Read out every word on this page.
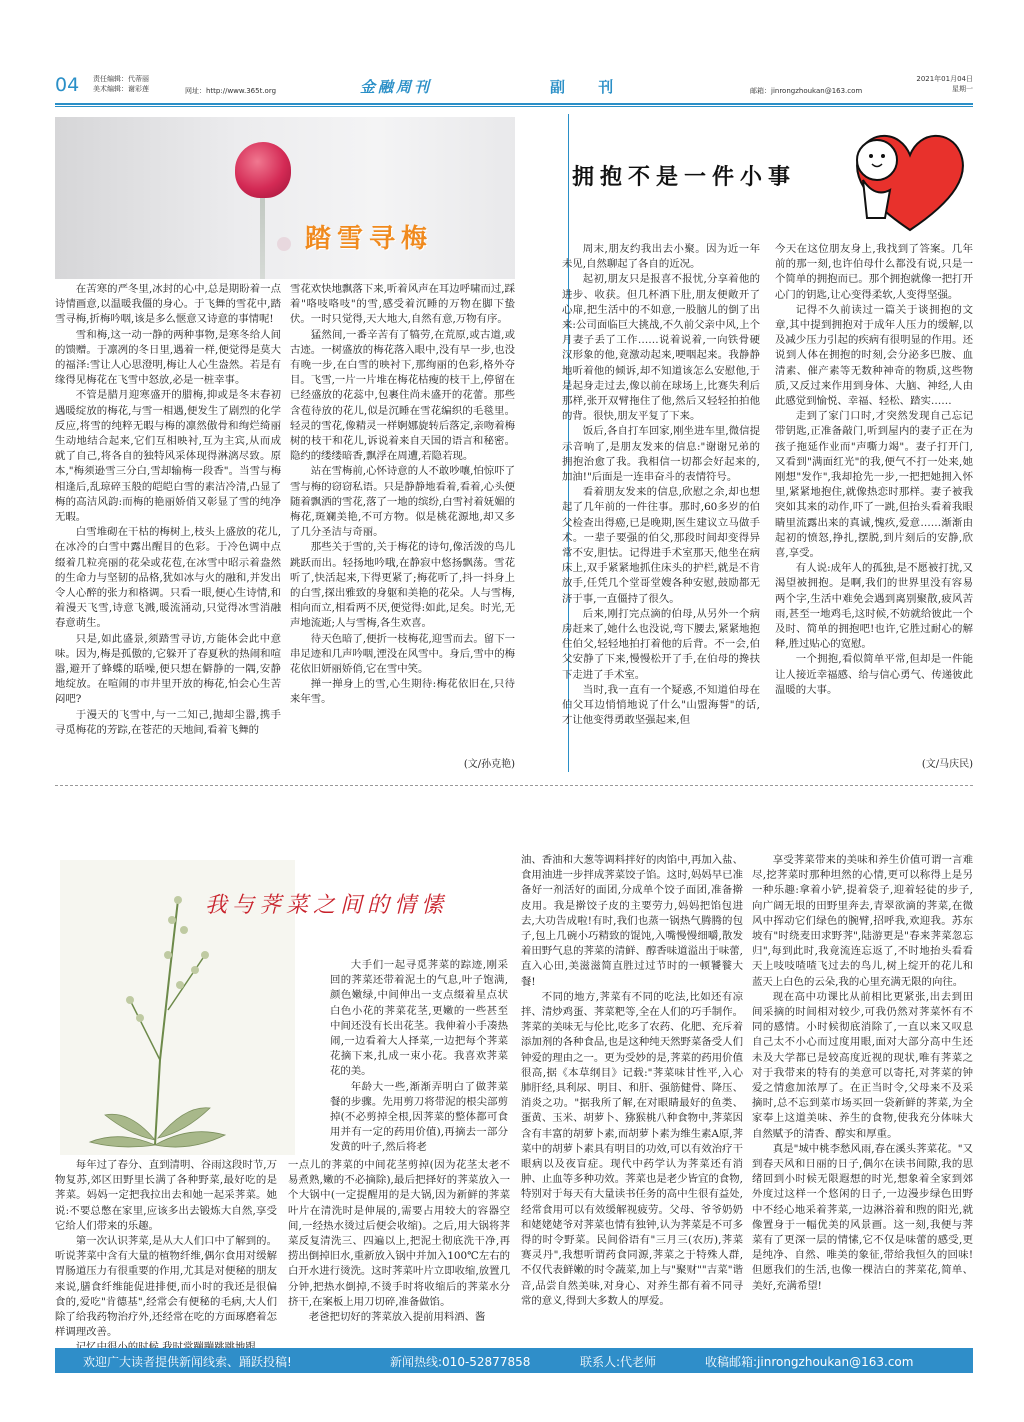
04 责任编辑：代蒂丽
美术编辑：谢彩莲	网址：http://www.365t.org	金融周刊	副 刊	邮箱：jinrongzhoukan@163.com
2021年01月04日
星期一
踏雪寻梅

在苦寒的严冬里,冰封的心中,总是期盼着一点诗情画意,以温暖我僵的身心。于飞舞的雪花中,踏雪寻梅,折梅吟咽,该是多么惬意又诗意的事情呢!

雪和梅,这一动一静的两种事物,是寒冬给人间的馈赠。于凛冽的冬日里,遇着一样,便觉得是莫大的福泽:雪让人心思澄明,梅让人心生盎然。若是有缘得见梅花在飞雪中怒放,必是一桩幸事。

不管是腊月迎寒盛开的腊梅,抑或是冬末春初遇暖绽放的梅花,与雪一相遇,便发生了剧烈的化学反应,将雪的纯粹无暇与梅的凛然傲骨和绚烂绮丽生动地结合起来,它们互相映衬,互为主宾,从而成就了自己,将各自的独特风采体现得淋漓尽致。原本,"梅须逊雪三分白,雪却输梅一段香"。当雪与梅相逢后,乱琼碎玉般的皑皑白雪的素洁冷清,凸显了梅的高洁风韵:而梅的艳丽娇俏又彰显了雪的纯净无暇。

白雪堆砌在干枯的梅树上,枝头上盛放的花儿,在冰冷的白雪中露出醒目的色彩。于冷色调中点缀着几粒亮丽的花朵或花苞,在冰雪中昭示着盎然的生命力与坚韧的品格,犹如冰与火的融和,并发出令人心醉的张力和格调。只看一眼,便心生诗情,和着漫天飞雪,诗意飞溅,暖流涌动,只觉得冰雪消融春意萌生。

只是,如此盛景,须踏雪寻访,方能体会此中意味。因为,梅是孤傲的,它躲开了春夏秋的热闹和喧嚣,避开了蜂蝶的聒噪,便只想在僻静的一隅,安静地绽放。在喧闹的市井里开放的梅花,怕会心生苦闷吧?

于漫天的飞雪中,与一二知己,抛却尘嚣,携手寻觅梅花的芳踪,在苍茫的天地间,看着飞舞的

雪花欢快地飘落下来,听着风声在耳边呼啸而过,踩着"咯吱咯吱"的雪,感受着沉睡的万物在脚下蛰伏。一时只觉得,天大地大,自然有意,万物有序。

猛然间,一番辛苦有了犒劳,在荒原,或古道,或古迹。一树盛放的梅花落入眼中,没有早一步,也没有晚一步,在白雪的映衬下,那绚丽的色彩,格外夺目。飞雪,一片一片堆在梅花枯瘦的枝干上,停留在已经盛放的花蕊中,包裹住尚未盛开的花蕾。那些含苞待放的花儿,似是沉睡在雪花编织的毛毯里。轻灵的雪花,像精灵一样婀娜旋转后落定,亲吻着梅树的枝干和花儿,诉说着来自天国的语言和秘密。隐约的缕缕暗香,飘浮在周遭,若隐若现。

站在雪梅前,心怀诗意的人不敢吵嚷,怕惊吓了雪与梅的窃窃私语。只是静静地看着,看着,心头便随着飘洒的雪花,落了一地的缤纷,白雪衬着妩媚的梅花,斑斓美艳,不可方物。似是桃花源地,却又多了几分圣洁与奇丽。

那些关于雪的,关于梅花的诗句,像活泼的鸟儿跳跃而出。轻扬地吟哦,在静寂中悠扬飘荡。雪花听了,快活起来,下得更紧了;梅花听了,抖一抖身上的白雪,探出雅致的身躯和美艳的花朵。人与雪梅,相向而立,相看两不厌,便觉得:如此,足矣。时光,无声地流逝;人与雪梅,各生欢喜。

待天色暗了,便折一枝梅花,迎雪而去。留下一串足迹和几声吟咽,湮没在风雪中。身后,雪中的梅花依旧妍丽娇俏,它在雪中笑。

掸一掸身上的雪,心生期待:梅花依旧在,只待来年雪。

(文/孙克艳)
拥抱不是一件小事

周末,朋友约我出去小聚。因为近一年未见,自然聊起了各自的近况。

起初,朋友只是报喜不报忧,分享着他的进步、收获。但几杯酒下肚,朋友便敞开了心扉,把生活中的不如意,一股脑儿的倒了出来:公司面临巨大挑战,不久前父亲中风,上个月妻子丢了工作……说着说着,一向铁骨硬汉形象的他,竟激动起来,哽咽起来。我静静地听着他的倾诉,却不知道该怎么安慰他,于是起身走过去,像以前在球场上,比赛失利后那样,张开双臂拖住了他,然后又轻轻拍拍他的背。很快,朋友平复了下来。

饭后,各自打车回家,刚坐进车里,微信提示音响了,是朋友发来的信息:"谢谢兄弟的拥抱治愈了我。我相信一切都会好起来的,加油!"后面是一连串奋斗的表情符号。

看着朋友发来的信息,欣慰之余,却也想起了几年前的一件往事。那时,60多岁的伯父检查出得癌,已是晚期,医生建议立马做手术。一辈子要强的伯父,那段时间却变得异常不安,胆怯。记得进手术室那天,他坐在病床上,双手紧紧地抓住床头的护栏,就是不肯放手,任凭几个堂哥堂嫂各种安慰,鼓励都无济于事,一直僵持了很久。

后来,刚打完点滴的伯母,从另外一个病房赶来了,她什么也没说,弯下腰去,紧紧地抱住伯父,轻轻地拍打着他的后背。不一会,伯父安静了下来,慢慢松开了手,在伯母的搀扶下走进了手术室。

当时,我一直有一个疑惑,不知道伯母在伯父耳边悄悄地说了什么"山盟海誓"的话,才让他变得勇敢坚强起来,但

今天在这位朋友身上,我找到了答案。几年前的那一刻,也许伯母什么都没有说,只是一个简单的拥抱而已。那个拥抱就像一把打开心门的钥匙,让心变得柔软,人变得坚强。

记得不久前读过一篇关于谈拥抱的文章,其中提到拥抱对于成年人压力的缓解,以及减少压力引起的疾病有很明显的作用。还说到人体在拥抱的时刻,会分泌多巴胺、血清素、催产素等无数种神奇的物质,这些物质,又反过来作用到身体、大脑、神经,人由此感觉到愉悦、幸福、轻松、踏实……

走到了家门口时,才突然发现自己忘记带钥匙,正准备敲门,听到屋内的妻子正在为孩子拖延作业而"声嘶力竭"。妻子打开门,又看到"满面红光"的我,便气不打一处来,她刚想"发作",我却抢先一步,一把把她拥入怀里,紧紧地抱住,就像热恋时那样。妻子被我突如其来的动作,吓了一跳,但抬头看着我眼睛里流露出来的真诚,愧疚,爱意……渐渐由起初的愤怒,挣扎,摆脱,到片刻后的安静,欣喜,享受。

有人说:成年人的孤独,是不愿被打扰,又渴望被拥抱。是啊,我们的世界里没有容易两个字,生活中难免会遇到离别聚散,疲风苦雨,甚至一地鸡毛,这时候,不妨就给彼此一个及时、简单的拥抱吧!也许,它胜过耐心的解释,胜过贴心的宽慰。

一个拥抱,看似简单平常,但却是一件能让人接近幸福感、给与信心勇气、传递彼此温暖的大事。

(文/马庆民)
我与荠菜之间的情愫

大手们一起寻觅荠菜的踪迹,刚采回的荠菜还带着泥土的气息,叶子饱满,颜色嫩绿,中间伸出一支点缀着星点状白色小花的荠菜花茎,更嫩的一些甚至中间还没有长出花茎。我伸着小手凑热闹,一边看着大人择菜,一边把每个荠菜花摘下来,扎成一束小花。我喜欢荠菜花的美。

年龄大一些,渐渐弄明白了做荠菜餐的步骤。先用剪刀将带泥的根尖部剪掉(不必剪掉全根,因荠菜的整体都可食用并有一定的药用价值),再摘去一部分发黄的叶子,然后将老

每年过了春分、直到清明、谷雨这段时节,万物复苏,郊区田野里长满了各种野菜,最好吃的是荠菜。妈妈一定把我拉出去和她一起采荠菜。她说:不要总憋在家里,应该多出去锻炼大自然,享受它给人们带来的乐趣。

第一次认识荠菜,是从大人们口中了解到的。听说荠菜中含有大量的植物纤维,偶尔食用对缓解胃肠道压力有很重要的作用,尤其是对便秘的朋友来说,膳食纤维能促进排便,而小时的我还是很偏食的,爱吃"肯德基",经常会有便秘的毛病,大人们除了给我药物治疗外,还经常在吃的方面琢磨着怎样调理改善。

一点儿的荠菜的中间花茎剪掉(因为花茎太老不易煮熟,嫩的不必摘除),最后把择好的荠菜放入一个大锅中(一定提醒用的是大锅,因为新鲜的荠菜叶片在清洗时是伸展的,需要占用较大的容器空间,一经热水烫过后便会收缩)。之后,用大锅将荠菜反复清洗三、四遍以上,把泥土彻底洗干净,再捞出倒掉旧水,重新放入锅中并加入100℃左右的白开水进行烫洗。这时荠菜叶片立即收缩,放置几分钟,把热水倒掉,不烫手时将收缩后的荠菜水分挤干,在案板上用刀切碎,准备做馅。

老爸把切好的荠菜放入提前用料酒、酱

油、香油和大葱等调料拌好的肉馅中,再加入盐、食用油进一步拌成荠菜饺子馅。这时,妈妈早已准备好一剂活好的面团,分成单个饺子面团,准备擀皮用。我是擀饺子皮的主要劳力,妈妈把馅包进去,大功告成啦!有时,我们也蒸一锅热气腾腾的包子,包上几碗小巧精致的馄饨,入嘴慢慢细嚼,散发着田野气息的荠菜的清鲜、醇香味道溢出于味蕾,直入心田,美滋滋简直胜过过节时的一顿饕餮大餐!

不同的地方,荠菜有不同的吃法,比如还有凉拌、清炒鸡蛋、荠菜粑等,全在人们的巧手制作。荠菜的美味无与伦比,吃多了农药、化肥、充斥着添加剂的各种食品,也是这种纯天然野菜备受人们钟爱的理由之一。更为受妙的是,荠菜的药用价值很高,据《本草纲目》记载:"荠菜味甘性平,入心肺肝经,具利尿、明目、和肝、强筋健骨、降压、消炎之功。"据我所了解,在对眼睛最好的鱼类、蛋黄、玉米、胡萝卜、猕猴桃八种食物中,荠菜因含有丰富的胡萝卜素,而胡萝卜素为维生素A原,荠菜中的胡萝卜素具有明目的功效,可以有效治疗干眼病以及夜盲症。现代中药学认为荠菜还有消肿、止血等多种功效。荠菜也是老少皆宜的食物,特别对于每天有大量读书任务的高中生很有益处,经常食用可以有效缓解视疲劳。父母、爷爷奶奶和姥姥姥爷对荠菜也情有独钟,认为荠菜是不可多得的时令野菜。民间俗语有"三月三(农历),荠菜赛灵丹",我想听谓药食同源,荠菜之于特殊人群,不仅代表鲜嫩的时令蔬菜,加上与"聚财""吉菜"谐音,品尝自然美味,对身心、对养生都有着不同寻常的意义,得到大多数人的厚爱。

享受荠菜带来的美味和养生价值可谓一言难尽,挖荠菜时那种坦然的心情,更可以称得上是另一种乐趣:拿着小铲,提着袋子,迎着轻徒的步子,向广阔无垠的田野里奔去,青翠欲滴的荠菜,在微风中挥动它们绿色的腕臂,招呼我,欢迎我。苏东坡有"时绕麦田求野荠",陆游更是"春来荠菜忽忘归",每到此时,我竟流连忘返了,不时地抬头看看天上吱吱喳喳飞过去的鸟儿,树上绽开的花儿和蓝天上白色的云朵,我的心里充满无限的向往。

现在高中功课比从前相比更紧张,出去到田间采摘的时间相对较少,可我仍然对荠菜怀有不同的感情。小时候彻底消除了,一直以来又叹息自己太不小心而过度用眼,面对大部分高中生还未及大学都已是较高度近视的现状,唯有荠菜之对于我带来的特有的美意可以寄托,对荠菜的钟爱之情愈加浓厚了。在正当时令,父母来不及采摘时,总不忘到菜市场买回一袋新鲜的荠菜,为全家奉上这道美味、养生的食物,使我充分体味大自然赋予的清香、醇实和厚重。

真是"城中桃李愁风雨,春在溪头荠菜花。"又到春天风和日丽的日子,偶尔在读书间隙,我的思绪回到小时候无限遐想的时光,想象着全家到郊外度过这样一个悠闲的日子,一边漫步绿色田野中不经心地采着荠菜,一边淋浴着和煦的阳光,就像置身于一幅优美的风景画。这一刻,我便与荠菜有了更深一层的情愫,它不仅是味蕾的感受,更是纯净、自然、唯美的象征,带给我恒久的回味!但愿我们的生活,也像一棵洁白的荠菜花,简单、美好,充满希望!

欢迎广大读者提供新闻线索、踊跃投稿!	新闻热线:010-52877858	联系人:代老师	收稿邮箱:jinrongzhoukan@163.com
